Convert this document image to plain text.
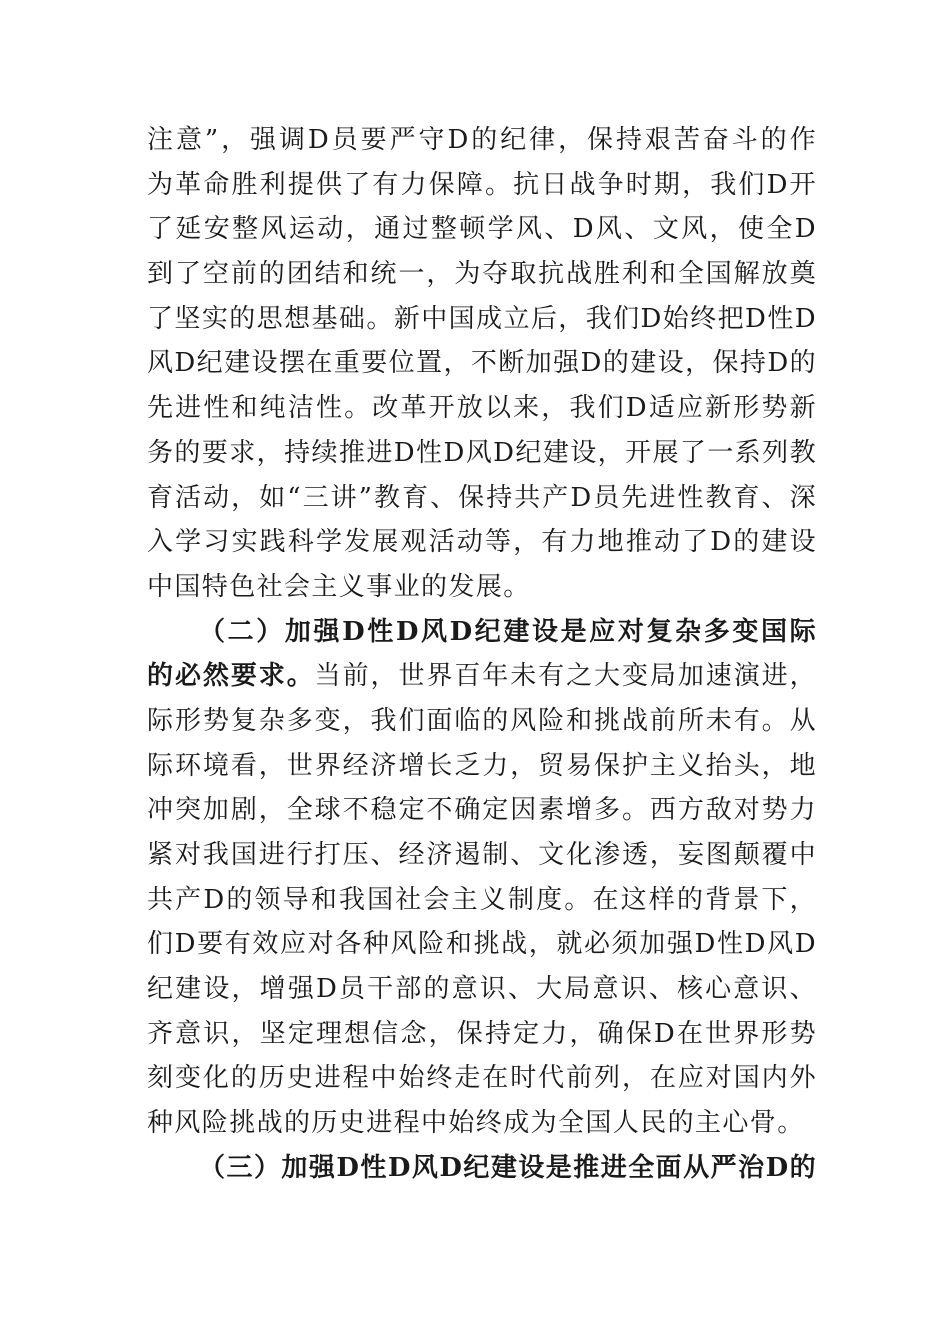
注意”，强调D员要严守D的纪律，保持艰苦奋斗的作
为革命胜利提供了有力保障。抗日战争时期，我们D开
了延安整风运动，通过整顿学风、D风、文风，使全D
到了空前的团结和统一，为夺取抗战胜利和全国解放奠
了坚实的思想基础。新中国成立后，我们D始终把D性D
风D纪建设摆在重要位置，不断加强D的建设，保持D的
先进性和纯洁性。改革开放以来，我们D适应新形势新
务的要求，持续推进D性D风D纪建设，开展了一系列教
育活动，如“三讲”教育、保持共产D员先进性教育、深
入学习实践科学发展观活动等，有力地推动了D的建设
中国特色社会主义事业的发展。
（二）加强D性D风D纪建设是应对复杂多变国际
的必然要求。当前，世界百年未有之大变局加速演进，
际形势复杂多变，我们面临的风险和挑战前所未有。从
际环境看，世界经济增长乏力，贸易保护主义抬头，地
冲突加剧，全球不稳定不确定因素增多。西方敌对势力
紧对我国进行打压、经济遏制、文化渗透，妄图颠覆中
共产D的领导和我国社会主义制度。在这样的背景下，
们D要有效应对各种风险和挑战，就必须加强D性D风D
纪建设，增强D员干部的意识、大局意识、核心意识、
齐意识，坚定理想信念，保持定力，确保D在世界形势
刻变化的历史进程中始终走在时代前列，在应对国内外
种风险挑战的历史进程中始终成为全国人民的主心骨。
（三）加强D性D风D纪建设是推进全面从严治D的
